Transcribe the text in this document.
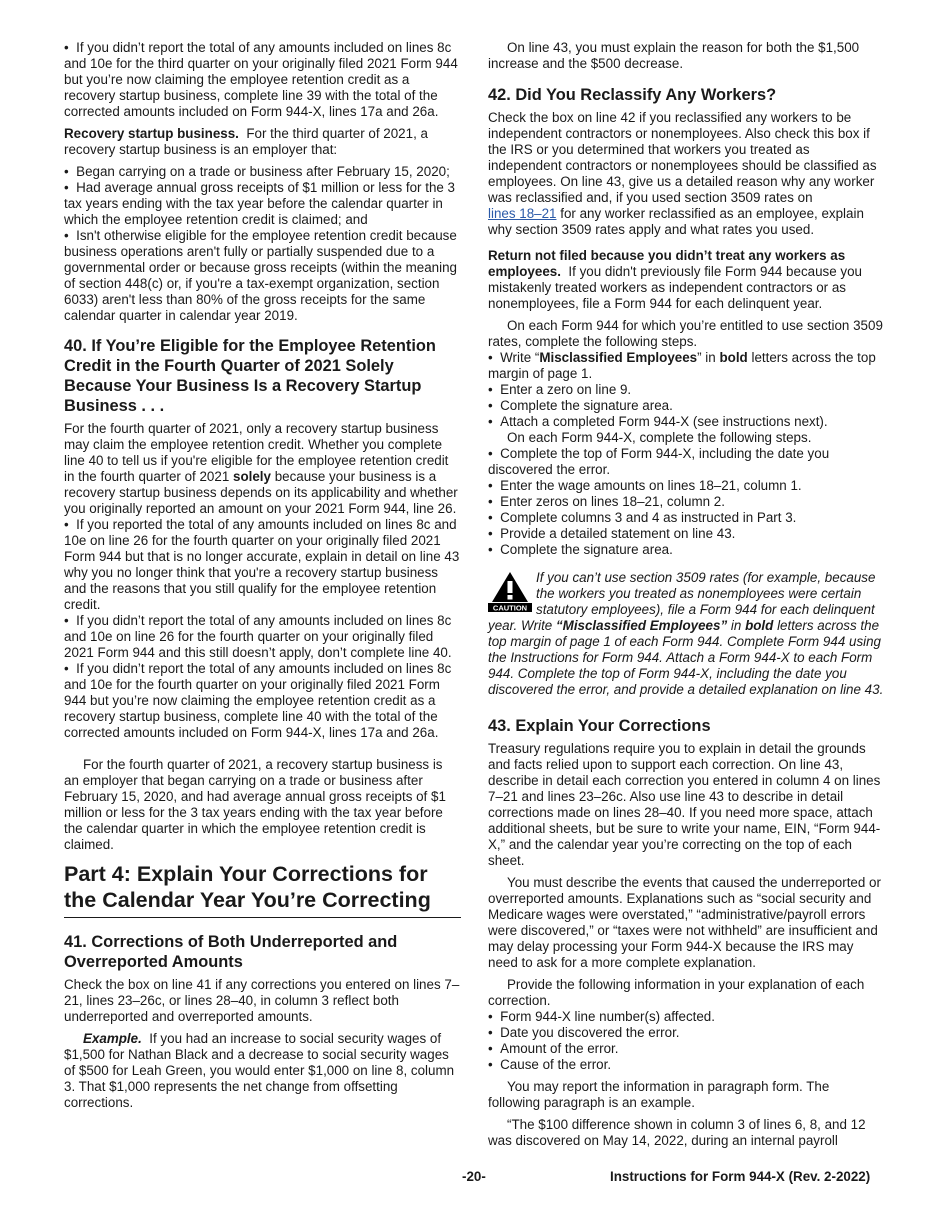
•  If you didn’t report the total of any amounts included on lines 8c and 10e for the third quarter on your originally filed 2021 Form 944 but you’re now claiming the employee retention credit as a recovery startup business, complete line 39 with the total of the corrected amounts included on Form 944-X, lines 17a and 26a.

Recovery startup business. For the third quarter of 2021, a recovery startup business is an employer that:

•  Began carrying on a trade or business after February 15, 2020;

•  Had average annual gross receipts of $1 million or less for the 3 tax years ending with the tax year before the calendar quarter in which the employee retention credit is claimed; and

•  Isn't otherwise eligible for the employee retention credit because business operations aren't fully or partially suspended due to a governmental order or because gross receipts (within the meaning of section 448(c) or, if you're a tax-exempt organization, section 6033) aren't less than 80% of the gross receipts for the same calendar quarter in calendar year 2019.

40. If You’re Eligible for the Employee Retention Credit in the Fourth Quarter of 2021 Solely Because Your Business Is a Recovery Startup Business . . .

For the fourth quarter of 2021, only a recovery startup business may claim the employee retention credit. Whether you complete line 40 to tell us if you're eligible for the employee retention credit in the fourth quarter of 2021 solely because your business is a recovery startup business depends on its applicability and whether you originally reported an amount on your 2021 Form 944, line 26.

•  If you reported the total of any amounts included on lines 8c and 10e on line 26 for the fourth quarter on your originally filed 2021 Form 944 but that is no longer accurate, explain in detail on line 43 why you no longer think that you're a recovery startup business and the reasons that you still qualify for the employee retention credit.

•  If you didn’t report the total of any amounts included on lines 8c and 10e on line 26 for the fourth quarter on your originally filed 2021 Form 944 and this still doesn’t apply, don’t complete line 40.

•  If you didn’t report the total of any amounts included on lines 8c and 10e for the fourth quarter on your originally filed 2021 Form 944 but you’re now claiming the employee retention credit as a recovery startup business, complete line 40 with the total of the corrected amounts included on Form 944-X, lines 17a and 26a.

For the fourth quarter of 2021, a recovery startup business is an employer that began carrying on a trade or business after February 15, 2020, and had average annual gross receipts of $1 million or less for the 3 tax years ending with the tax year before the calendar quarter in which the employee retention credit is claimed.

Part 4: Explain Your Corrections for the Calendar Year You’re Correcting
41. Corrections of Both Underreported and Overreported Amounts

Check the box on line 41 if any corrections you entered on lines 7–21, lines 23–26c, or lines 28–40, in column 3 reflect both underreported and overreported amounts.

Example. If you had an increase to social security wages of $1,500 for Nathan Black and a decrease to social security wages of $500 for Leah Green, you would enter $1,000 on line 8, column 3. That $1,000 represents the net change from offsetting corrections.

On line 43, you must explain the reason for both the $1,500 increase and the $500 decrease.

42. Did You Reclassify Any Workers?

Check the box on line 42 if you reclassified any workers to be independent contractors or nonemployees. Also check this box if the IRS or you determined that workers you treated as independent contractors or nonemployees should be classified as employees. On line 43, give us a detailed reason why any worker was reclassified and, if you used section 3509 rates on
lines 18–21 for any worker reclassified as an employee, explain why section 3509 rates apply and what rates you used.

Return not filed because you didn’t treat any workers as employees. If you didn't previously file Form 944 because you mistakenly treated workers as independent contractors or as nonemployees, file a Form 944 for each delinquent year.

On each Form 944 for which you’re entitled to use section 3509 rates, complete the following steps.

•  Write “Misclassified Employees” in bold letters across the top margin of page 1.

•  Enter a zero on line 9.

•  Complete the signature area.

•  Attach a completed Form 944-X (see instructions next).

On each Form 944-X, complete the following steps.

•  Complete the top of Form 944-X, including the date you discovered the error.

•  Enter the wage amounts on lines 18–21, column 1.

•  Enter zeros on lines 18–21, column 2.

•  Complete columns 3 and 4 as instructed in Part 3.

•  Provide a detailed statement on line 43.

•  Complete the signature area.

CAUTION
If you can’t use section 3509 rates (for example, because the workers you treated as nonemployees were certain statutory employees), file a Form 944 for each delinquent year. Write “Misclassified Employees” in bold letters across the top margin of page 1 of each Form 944. Complete Form 944 using the Instructions for Form 944. Attach a Form 944-X to each Form 944. Complete the top of Form 944-X, including the date you discovered the error, and provide a detailed explanation on line 43.
43. Explain Your Corrections

Treasury regulations require you to explain in detail the grounds and facts relied upon to support each correction. On line 43, describe in detail each correction you entered in column 4 on lines 7–21 and lines 23–26c. Also use line 43 to describe in detail corrections made on lines 28–40. If you need more space, attach additional sheets, but be sure to write your name, EIN, “Form 944-X,” and the calendar year you’re correcting on the top of each sheet.

You must describe the events that caused the underreported or overreported amounts. Explanations such as “social security and Medicare wages were overstated,” “administrative/payroll errors were discovered,” or “taxes were not withheld” are insufficient and may delay processing your Form 944-X because the IRS may need to ask for a more complete explanation.

Provide the following information in your explanation of each correction.

•  Form 944-X line number(s) affected.

•  Date you discovered the error.

•  Amount of the error.

•  Cause of the error.

You may report the information in paragraph form. The following paragraph is an example.

“The $100 difference shown in column 3 of lines 6, 8, and 12 was discovered on May 14, 2022, during an internal payroll

-20-	Instructions for Form 944-X (Rev. 2-2022)
